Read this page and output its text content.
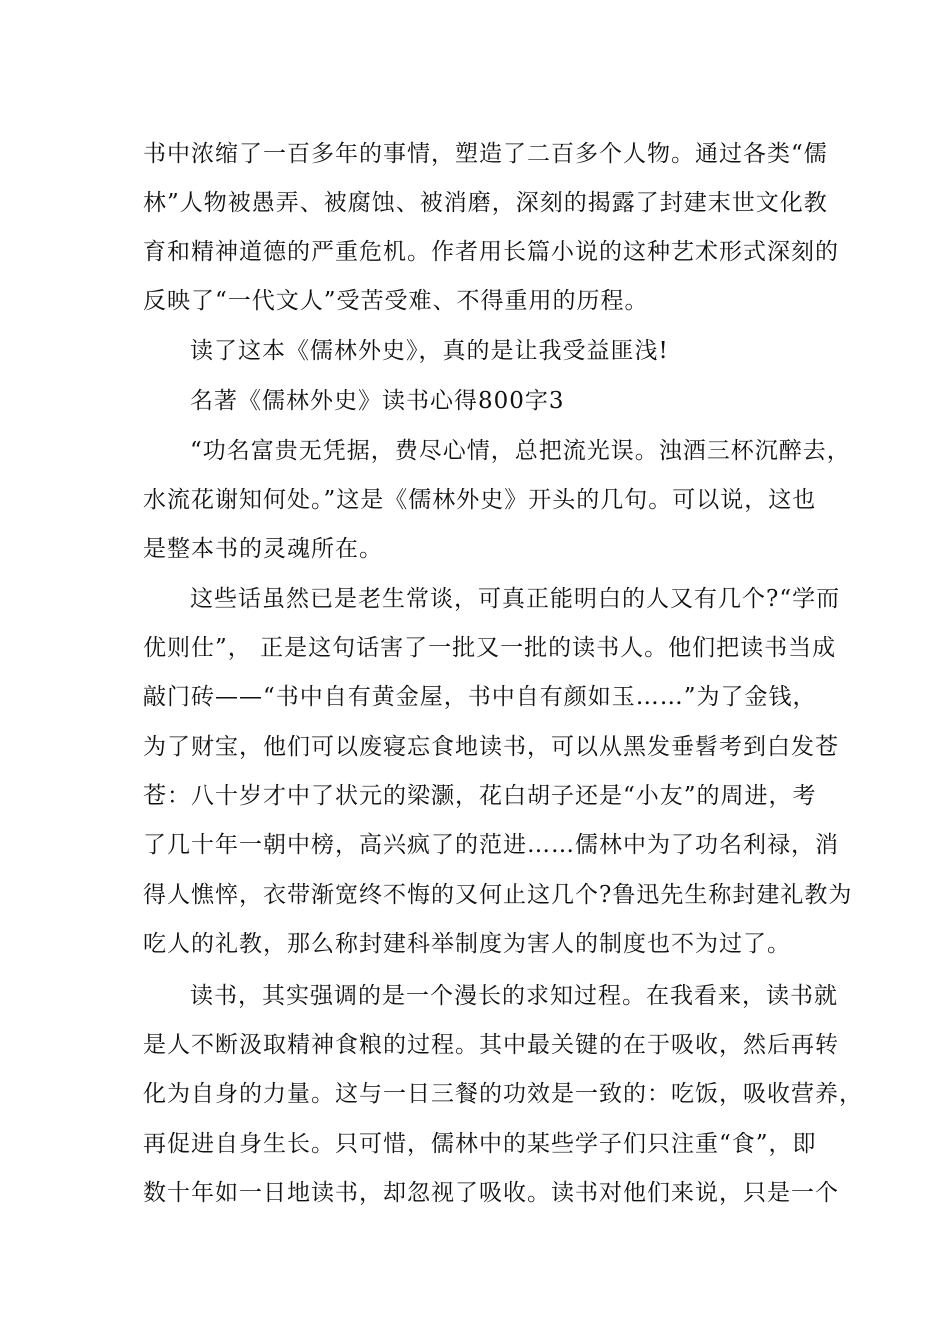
书中浓缩了一百多年的事情，塑造了二百多个人物。通过各类“儒
林”人物被愚弄、被腐蚀、被消磨，深刻的揭露了封建末世文化教
育和精神道德的严重危机。作者用长篇小说的这种艺术形式深刻的
反映了“一代文人”受苦受难、不得重用的历程。
读了这本《儒林外史》，真的是让我受益匪浅!
名著《儒林外史》读书心得800字3
“功名富贵无凭据，费尽心情，总把流光误。浊酒三杯沉醉去，
水流花谢知何处。”这是《儒林外史》开头的几句。可以说，这也
是整本书的灵魂所在。
这些话虽然已是老生常谈，可真正能明白的人又有几个?“学而
优则仕”， 正是这句话害了一批又一批的读书人。他们把读书当成
敲门砖——“书中自有黄金屋，书中自有颜如玉……”为了金钱，
为了财宝，他们可以废寝忘食地读书，可以从黑发垂髫考到白发苍
苍：八十岁才中了状元的梁灏，花白胡子还是“小友”的周进，考
了几十年一朝中榜，高兴疯了的范进……儒林中为了功名利禄，消
得人憔悴，衣带渐宽终不悔的又何止这几个?鲁迅先生称封建礼教为
吃人的礼教，那么称封建科举制度为害人的制度也不为过了。
读书，其实强调的是一个漫长的求知过程。在我看来，读书就
是人不断汲取精神食粮的过程。其中最关键的在于吸收，然后再转
化为自身的力量。这与一日三餐的功效是一致的：吃饭，吸收营养，
再促进自身生长。只可惜，儒林中的某些学子们只注重“食”，即
数十年如一日地读书，却忽视了吸收。读书对他们来说，只是一个
